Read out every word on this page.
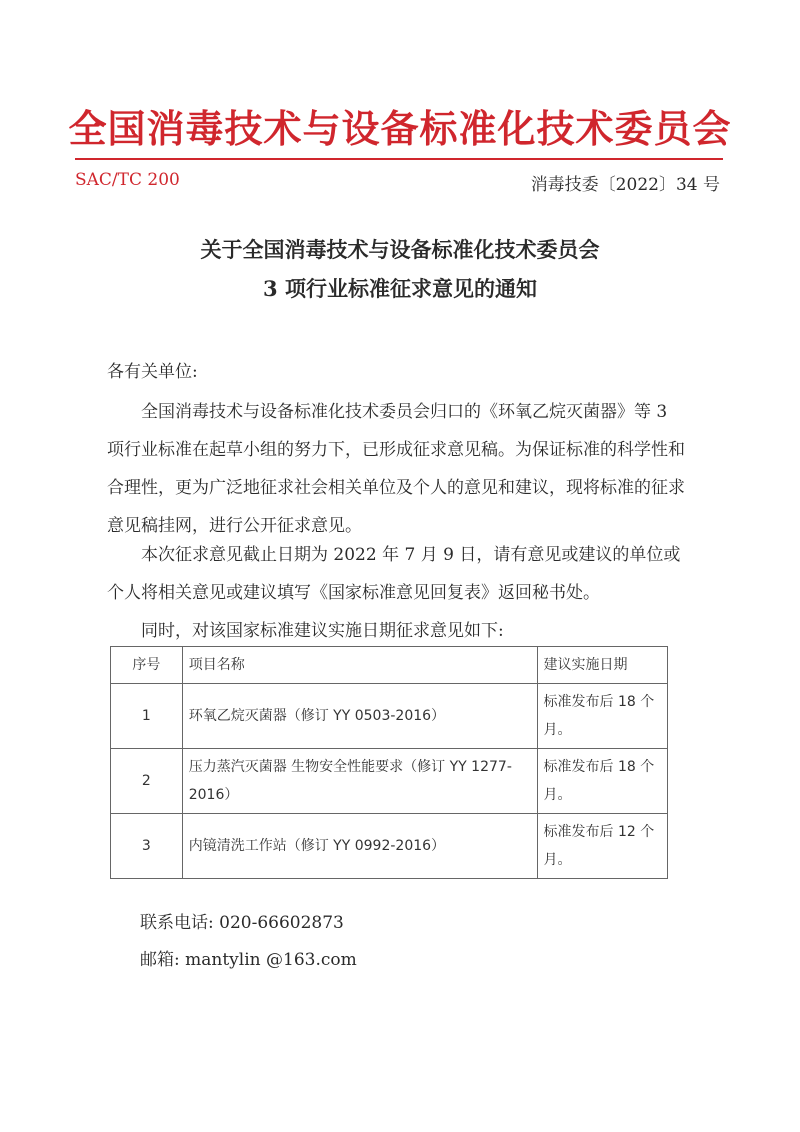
全国消毒技术与设备标准化技术委员会
SAC/TC 200	消毒技委〔2022〕34 号
关于全国消毒技术与设备标准化技术委员会
3 项行业标准征求意见的通知
各有关单位:
全国消毒技术与设备标准化技术委员会归口的《环氧乙烷灭菌器》等 3 项行业标准在起草小组的努力下，已形成征求意见稿。为保证标准的科学性和合理性，更为广泛地征求社会相关单位及个人的意见和建议，现将标准的征求意见稿挂网，进行公开征求意见。
本次征求意见截止日期为 2022 年 7 月 9 日，请有意见或建议的单位或个人将相关意见或建议填写《国家标准意见回复表》返回秘书处。
同时，对该国家标准建议实施日期征求意见如下:
序号	项目名称	建议实施日期
1	环氧乙烷灭菌器（修订 YY 0503-2016）	标准发布后 18 个月。
2	压力蒸汽灭菌器 生物安全性能要求（修订 YY 1277-2016）	标准发布后 18 个月。
3	内镜清洗工作站（修订 YY 0992-2016）	标准发布后 12 个月。
联系电话: 020-66602873
邮箱: mantylin @163.com
